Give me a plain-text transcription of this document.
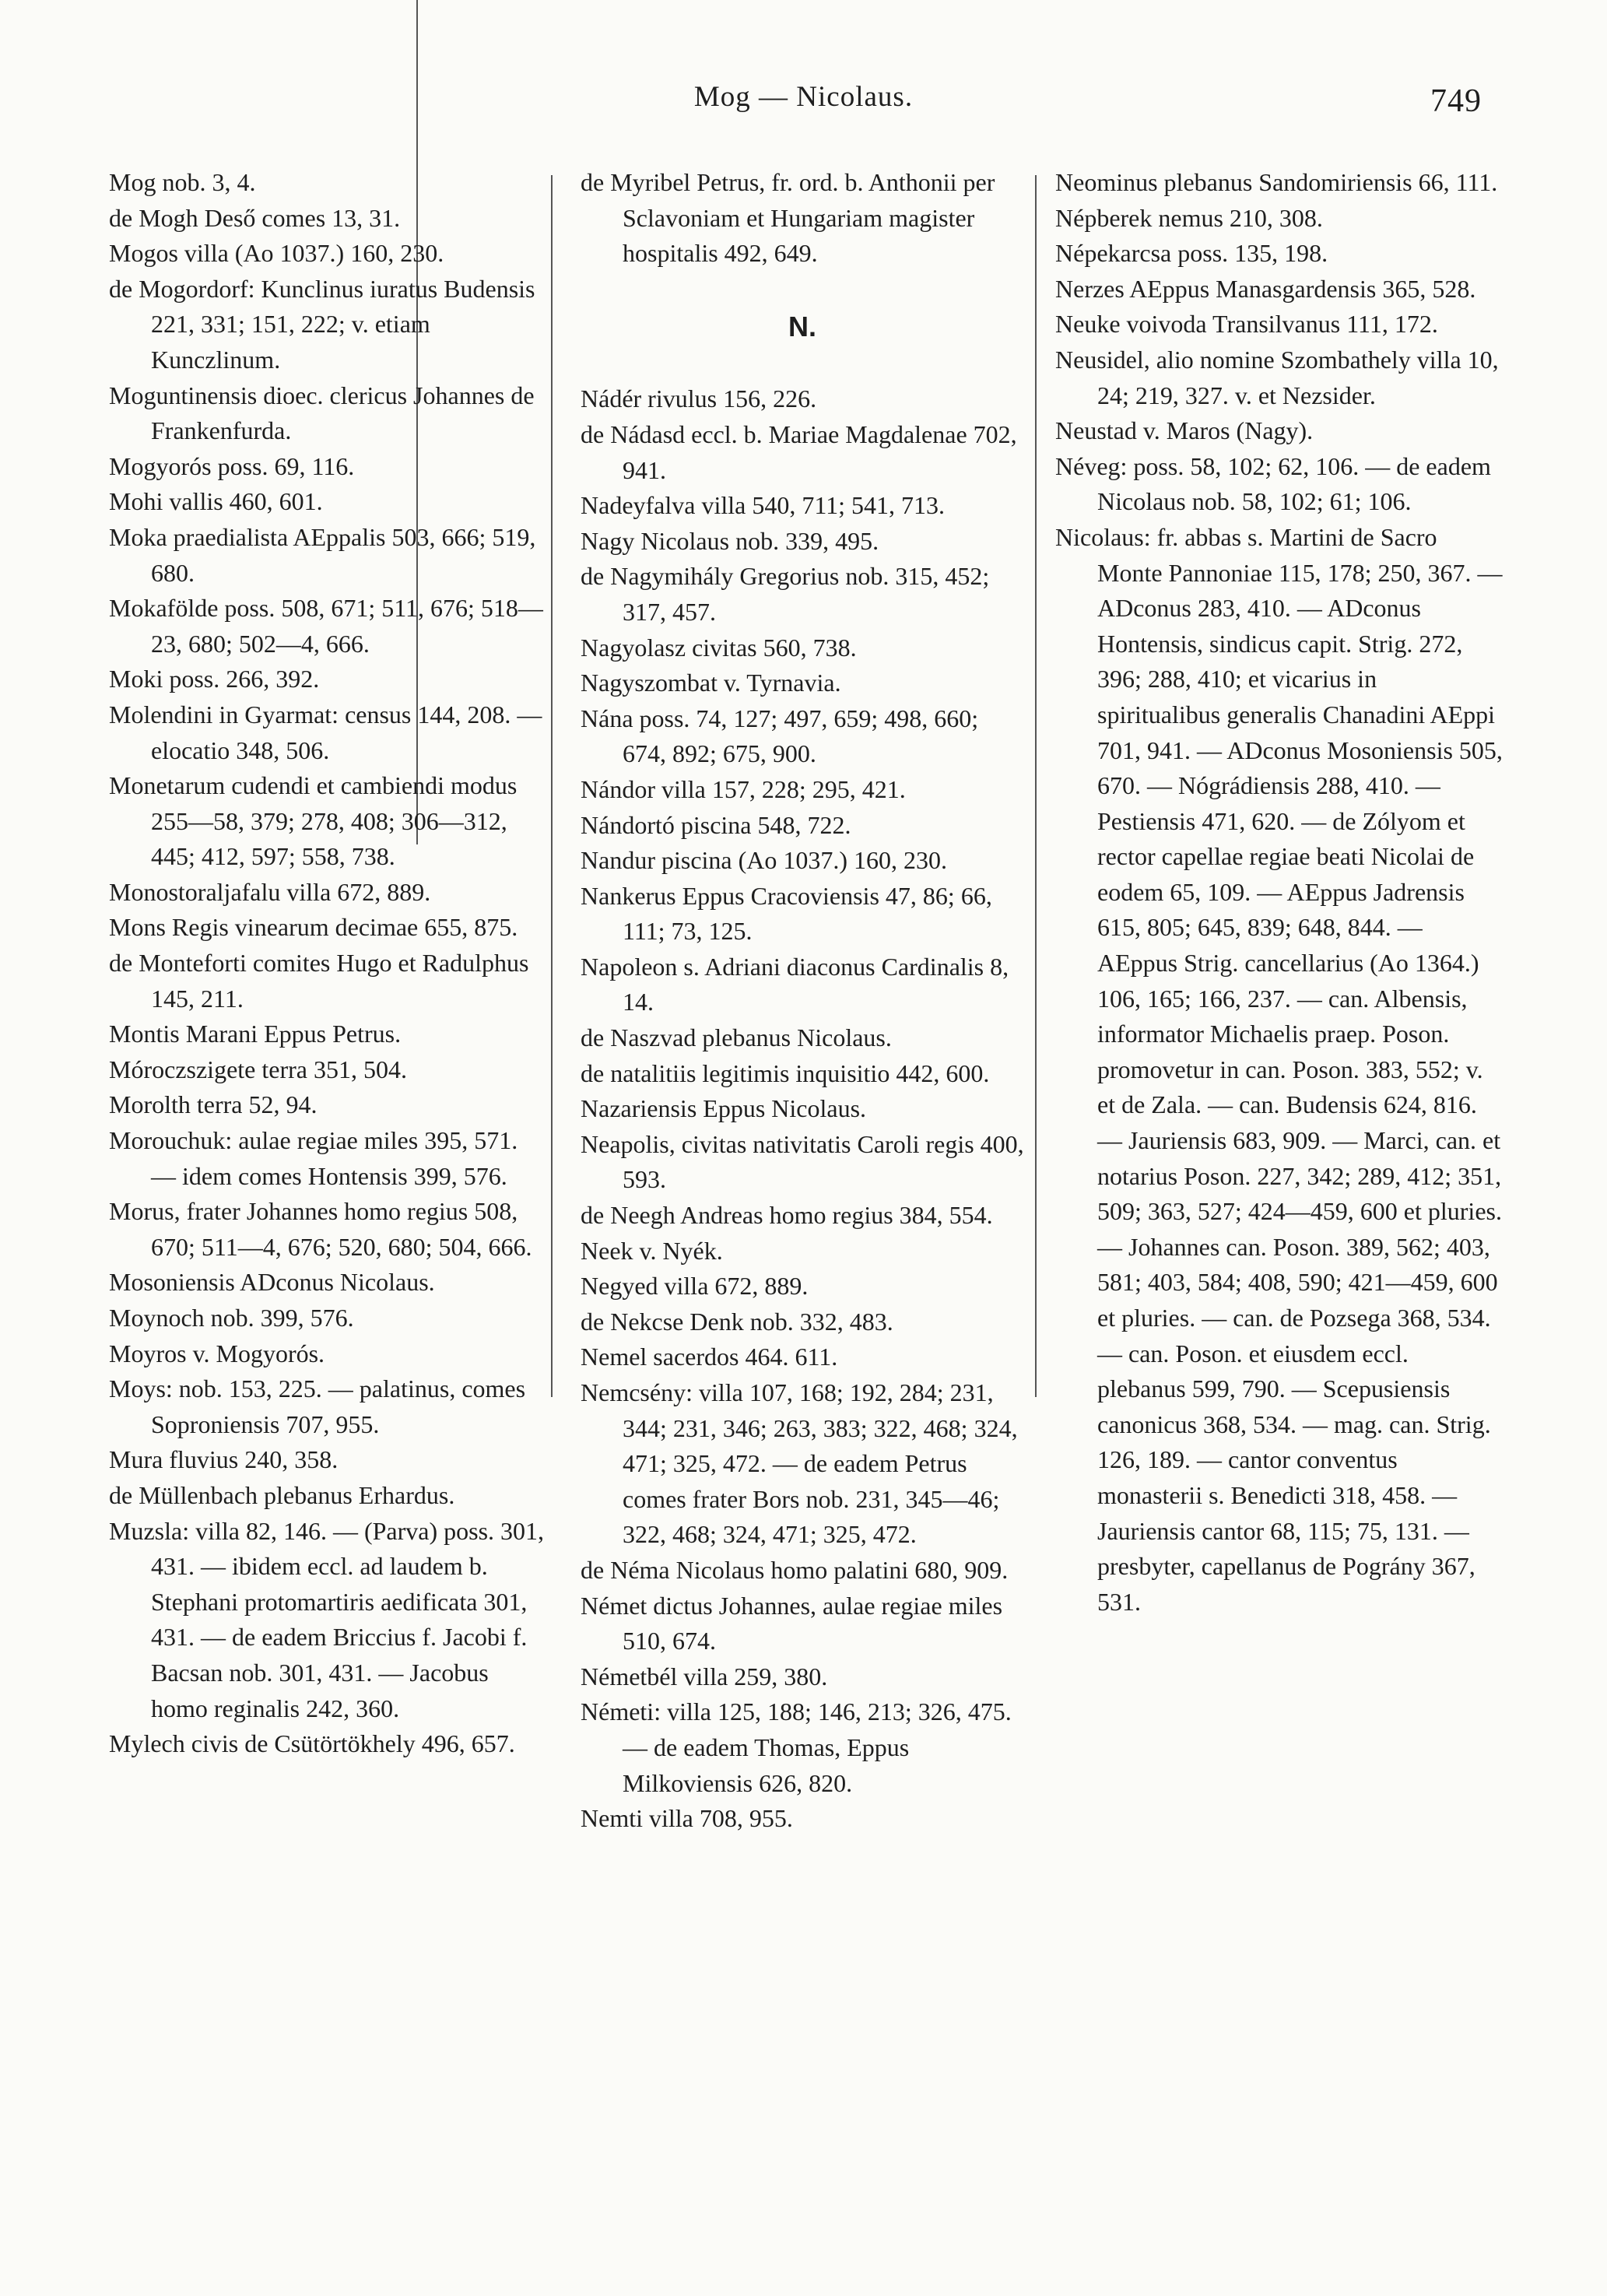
Mog — Nicolaus.	749
Mog nob. 3, 4.
de Mogh Deső comes 13, 31.
Mogos villa (Ao 1037.) 160, 230.
de Mogordorf: Kunclinus iuratus Budensis 221, 331; 151, 222; v. etiam Kunczlinum.
Moguntinensis dioec. clericus Johannes de Frankenfurda.
Mogyorós poss. 69, 116.
Mohi vallis 460, 601.
Moka praedialista AEppalis 503, 666; 519, 680.
Mokafölde poss. 508, 671; 511, 676; 518—23, 680; 502—4, 666.
Moki poss. 266, 392.
Molendini in Gyarmat: census 144, 208. — elocatio 348, 506.
Monetarum cudendi et cambiendi modus 255—58, 379; 278, 408; 306—312, 445; 412, 597; 558, 738.
Monostoraljafalu villa 672, 889.
Mons Regis vinearum decimae 655, 875.
de Monteforti comites Hugo et Radulphus 145, 211.
Montis Marani Eppus Petrus.
Móroczszigete terra 351, 504.
Morolth terra 52, 94.
Morouchuk: aulae regiae miles 395, 571. — idem comes Hontensis 399, 576.
Morus, frater Johannes homo regius 508, 670; 511—4, 676; 520, 680; 504, 666.
Mosoniensis ADconus Nicolaus.
Moynoch nob. 399, 576.
Moyros v. Mogyorós.
Moys: nob. 153, 225. — palatinus, comes Soproniensis 707, 955.
Mura fluvius 240, 358.
de Müllenbach plebanus Erhardus.
Muzsla: villa 82, 146. — (Parva) poss. 301, 431. — ibidem eccl. ad laudem b. Stephani protomartiris aedificata 301, 431. — de eadem Briccius f. Jacobi f. Bacsan nob. 301, 431. — Jacobus homo reginalis 242, 360.
Mylech civis de Csütörtökhely 496, 657.
de Myribel Petrus, fr. ord. b. Anthonii per Sclavoniam et Hungariam magister hospitalis 492, 649.
N.
Nádér rivulus 156, 226.
de Nádasd eccl. b. Mariae Magdalenae 702, 941.
Nadeyfalva villa 540, 711; 541, 713.
Nagy Nicolaus nob. 339, 495.
de Nagymihály Gregorius nob. 315, 452; 317, 457.
Nagyolasz civitas 560, 738.
Nagyszombat v. Tyrnavia.
Nána poss. 74, 127; 497, 659; 498, 660; 674, 892; 675, 900.
Nándor villa 157, 228; 295, 421.
Nándortó piscina 548, 722.
Nandur piscina (Ao 1037.) 160, 230.
Nankerus Eppus Cracoviensis 47, 86; 66, 111; 73, 125.
Napoleon s. Adriani diaconus Cardinalis 8, 14.
de Naszvad plebanus Nicolaus.
de natalitiis legitimis inquisitio 442, 600.
Nazariensis Eppus Nicolaus.
Neapolis, civitas nativitatis Caroli regis 400, 593.
de Neegh Andreas homo regius 384, 554.
Neek v. Nyék.
Negyed villa 672, 889.
de Nekcse Denk nob. 332, 483.
Nemel sacerdos 464. 611.
Nemcsény: villa 107, 168; 192, 284; 231, 344; 231, 346; 263, 383; 322, 468; 324, 471; 325, 472. — de eadem Petrus comes frater Bors nob. 231, 345—46; 322, 468; 324, 471; 325, 472.
de Néma Nicolaus homo palatini 680, 909.
Német dictus Johannes, aulae regiae miles 510, 674.
Németbél villa 259, 380.
Németi: villa 125, 188; 146, 213; 326, 475. — de eadem Thomas, Eppus Milkoviensis 626, 820.
Nemti villa 708, 955.
Neominus plebanus Sandomiriensis 66, 111.
Népberek nemus 210, 308.
Népekarcsa poss. 135, 198.
Nerzes AEppus Manasgardensis 365, 528.
Neuke voivoda Transilvanus 111, 172.
Neusidel, alio nomine Szombathely villa 10, 24; 219, 327. v. et Nezsider.
Neustad v. Maros (Nagy).
Néveg: poss. 58, 102; 62, 106. — de eadem Nicolaus nob. 58, 102; 61; 106.
Nicolaus: fr. abbas s. Martini de Sacro Monte Pannoniae 115, 178; 250, 367. — ADconus 283, 410. — ADconus Hontensis, sindicus capit. Strig. 272, 396; 288, 410; et vicarius in spiritualibus generalis Chanadini AEppi 701, 941. — ADconus Mosoniensis 505, 670. — Nógrádiensis 288, 410. — Pestiensis 471, 620. — de Zólyom et rector capellae regiae beati Nicolai de eodem 65, 109. — AEppus Jadrensis 615, 805; 645, 839; 648, 844. — AEppus Strig. cancellarius (Ao 1364.) 106, 165; 166, 237. — can. Albensis, informator Michaelis praep. Poson. promovetur in can. Poson. 383, 552; v. et de Zala. — can. Budensis 624, 816. — Jauriensis 683, 909. — Marci, can. et notarius Poson. 227, 342; 289, 412; 351, 509; 363, 527; 424—459, 600 et pluries. — Johannes can. Poson. 389, 562; 403, 581; 403, 584; 408, 590; 421—459, 600 et pluries. — can. de Pozsega 368, 534. — can. Poson. et eiusdem eccl. plebanus 599, 790. — Scepusiensis canonicus 368, 534. — mag. can. Strig. 126, 189. — cantor conventus monasterii s. Benedicti 318, 458. — Jauriensis cantor 68, 115; 75, 131. — presbyter, capellanus de Pográny 367, 531.
